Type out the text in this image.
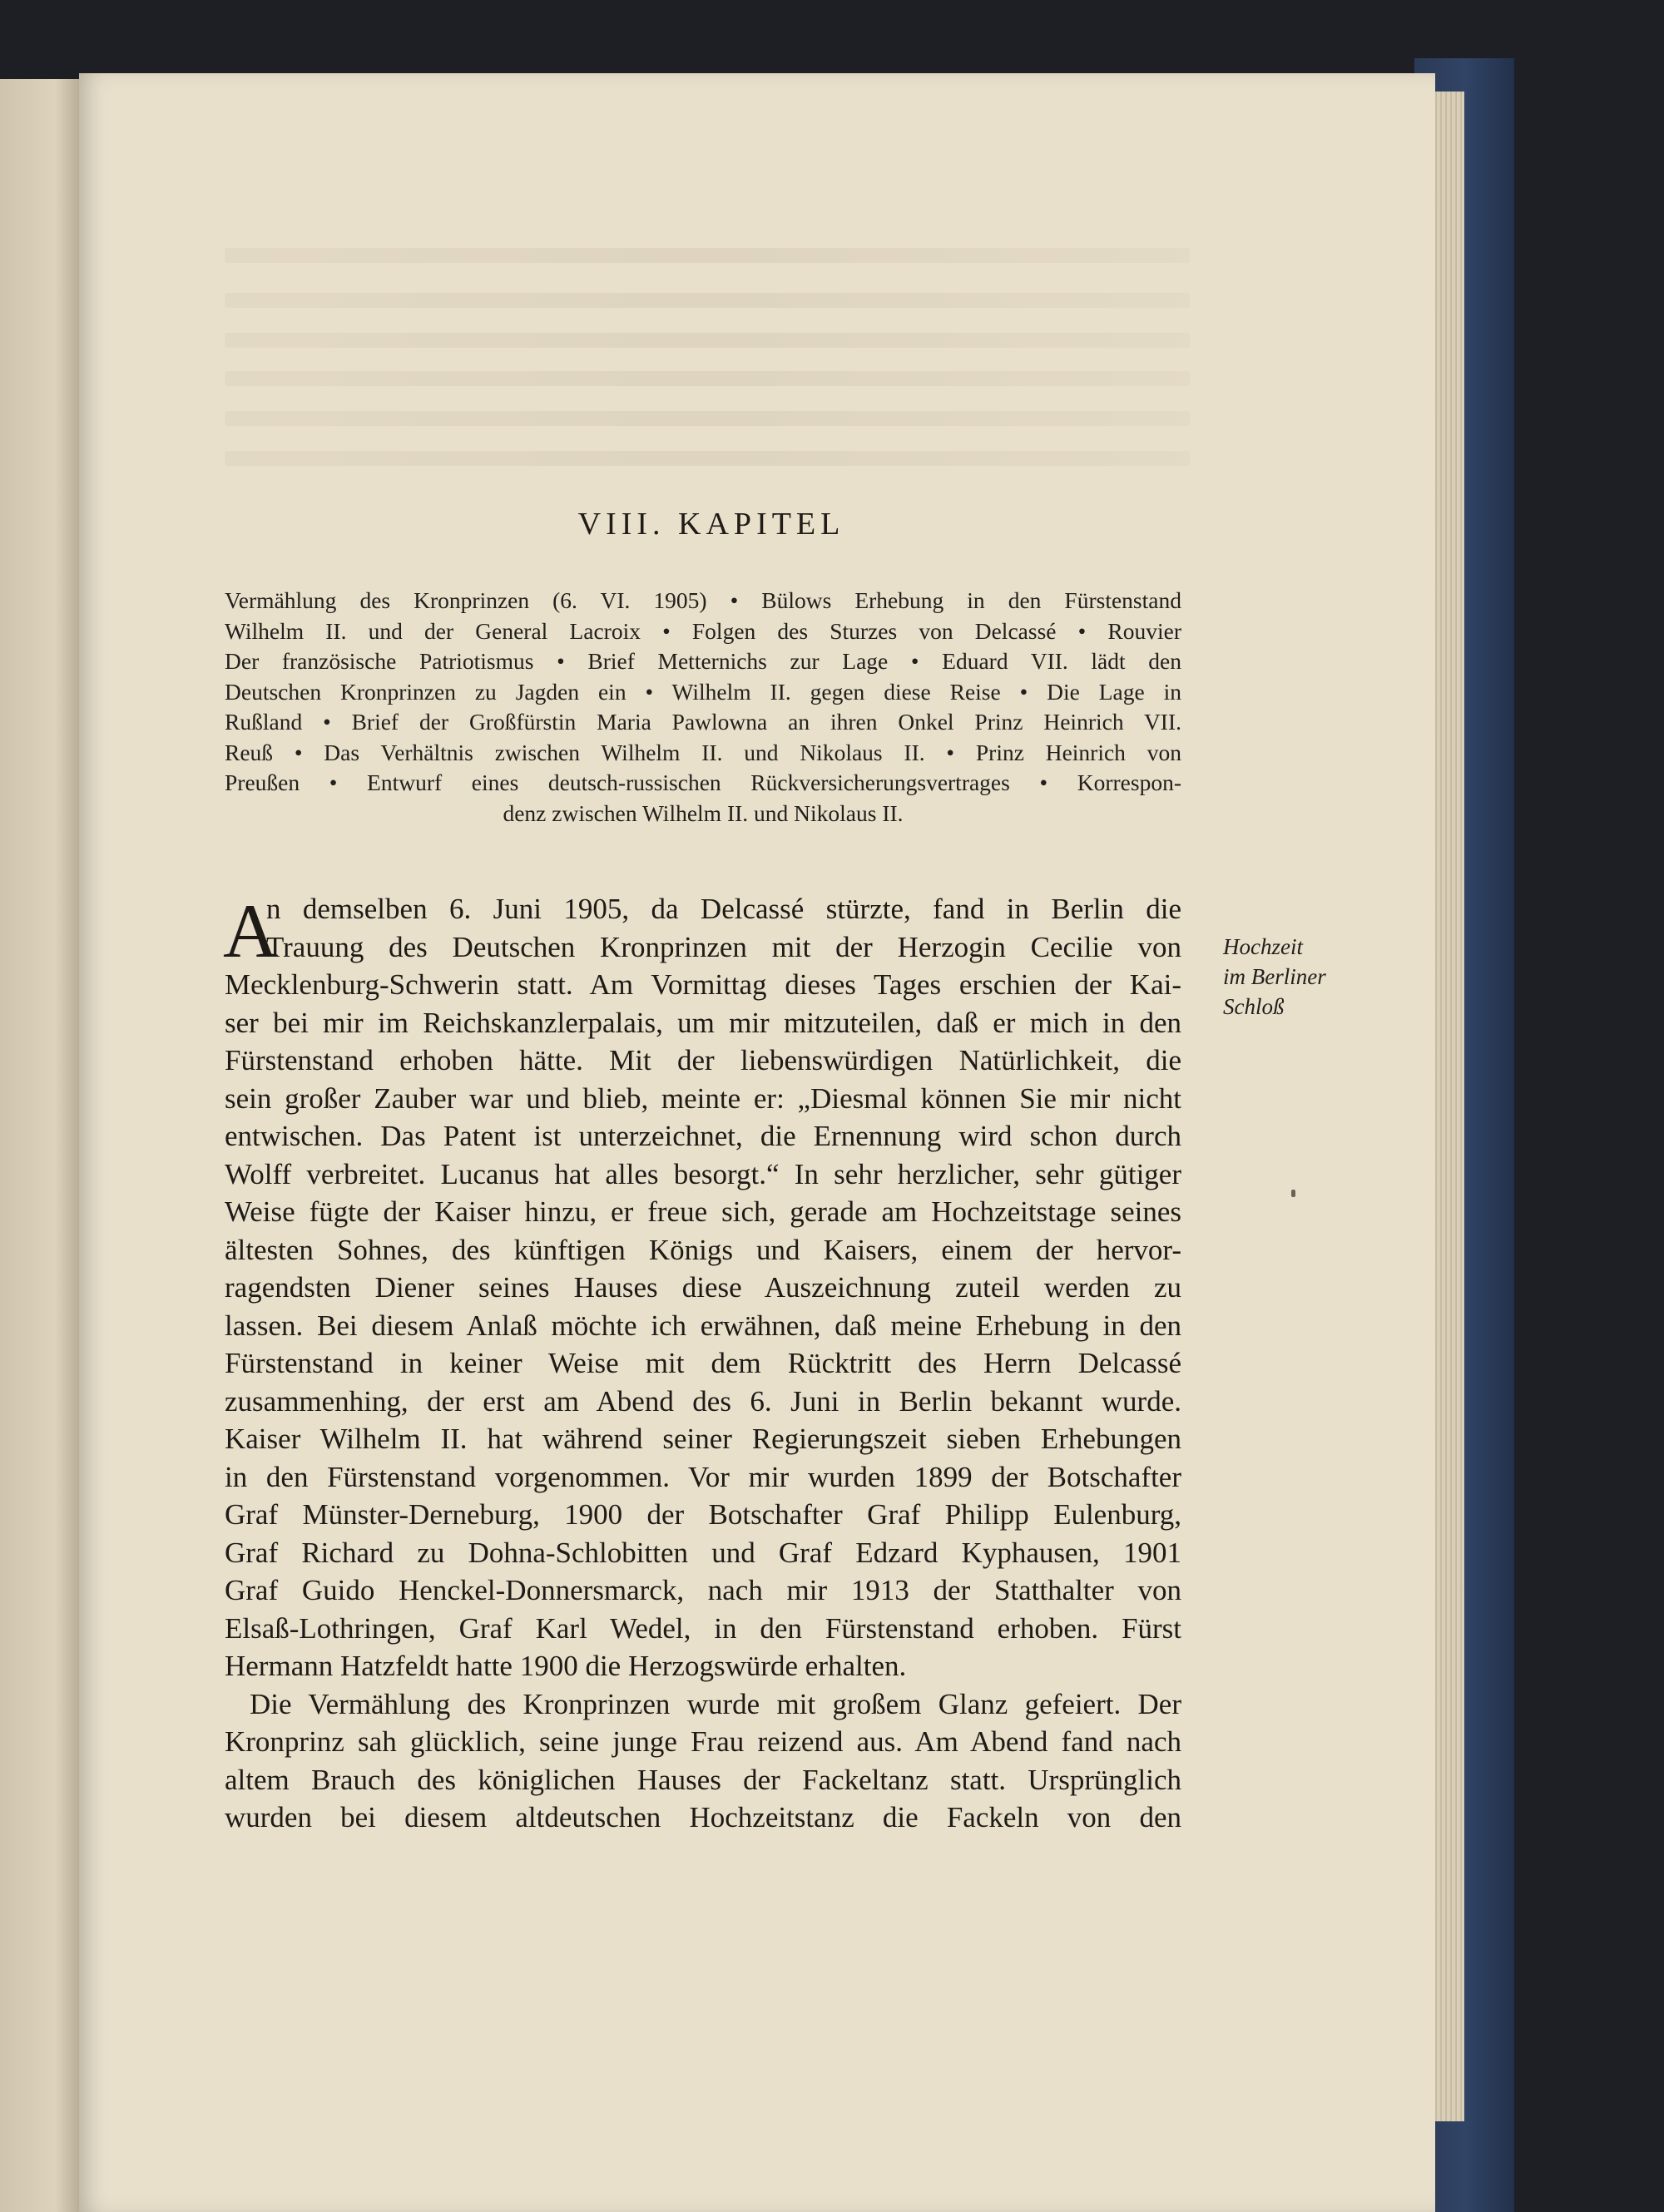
VIII. KAPITEL
Vermählung des Kronprinzen (6. VI. 1905) • Bülows Erhebung in den Fürstenstand
Wilhelm II. und der General Lacroix • Folgen des Sturzes von Delcassé • Rouvier
Der französische Patriotismus • Brief Metternichs zur Lage • Eduard VII. lädt den
Deutschen Kronprinzen zu Jagden ein • Wilhelm II. gegen diese Reise • Die Lage in
Rußland • Brief der Großfürstin Maria Pawlowna an ihren Onkel Prinz Heinrich VII.
Reuß • Das Verhältnis zwischen Wilhelm II. und Nikolaus II. • Prinz Heinrich von
Preußen • Entwurf eines deutsch-russischen Rückversicherungsvertrages • Korrespon-
denz zwischen Wilhelm II. und Nikolaus II.
A
n demselben 6. Juni 1905, da Delcassé stürzte, fand in Berlin die
Trauung des Deutschen Kronprinzen mit der Herzogin Cecilie von
Mecklenburg-Schwerin statt. Am Vormittag dieses Tages erschien der Kai-
ser bei mir im Reichskanzlerpalais, um mir mitzuteilen, daß er mich in den
Fürstenstand erhoben hätte. Mit der liebenswürdigen Natürlichkeit, die
sein großer Zauber war und blieb, meinte er: „Diesmal können Sie mir nicht
entwischen. Das Patent ist unterzeichnet, die Ernennung wird schon durch
Wolff verbreitet. Lucanus hat alles besorgt.“ In sehr herzlicher, sehr gütiger
Weise fügte der Kaiser hinzu, er freue sich, gerade am Hochzeitstage seines
ältesten Sohnes, des künftigen Königs und Kaisers, einem der hervor-
ragendsten Diener seines Hauses diese Auszeichnung zuteil werden zu
lassen. Bei diesem Anlaß möchte ich erwähnen, daß meine Erhebung in den
Fürstenstand in keiner Weise mit dem Rücktritt des Herrn Delcassé
zusammenhing, der erst am Abend des 6. Juni in Berlin bekannt wurde.
Kaiser Wilhelm II. hat während seiner Regierungszeit sieben Erhebungen
in den Fürstenstand vorgenommen. Vor mir wurden 1899 der Botschafter
Graf Münster-Derneburg, 1900 der Botschafter Graf Philipp Eulenburg,
Graf Richard zu Dohna-Schlobitten und Graf Edzard Kyphausen, 1901
Graf Guido Henckel-Donnersmarck, nach mir 1913 der Statthalter von
Elsaß-Lothringen, Graf Karl Wedel, in den Fürstenstand erhoben. Fürst
Hermann Hatzfeldt hatte 1900 die Herzogswürde erhalten.
Die Vermählung des Kronprinzen wurde mit großem Glanz gefeiert. Der
Kronprinz sah glücklich, seine junge Frau reizend aus. Am Abend fand nach
altem Brauch des königlichen Hauses der Fackeltanz statt. Ursprünglich
wurden bei diesem altdeutschen Hochzeitstanz die Fackeln von den
Hochzeit
im Berliner
Schloß
